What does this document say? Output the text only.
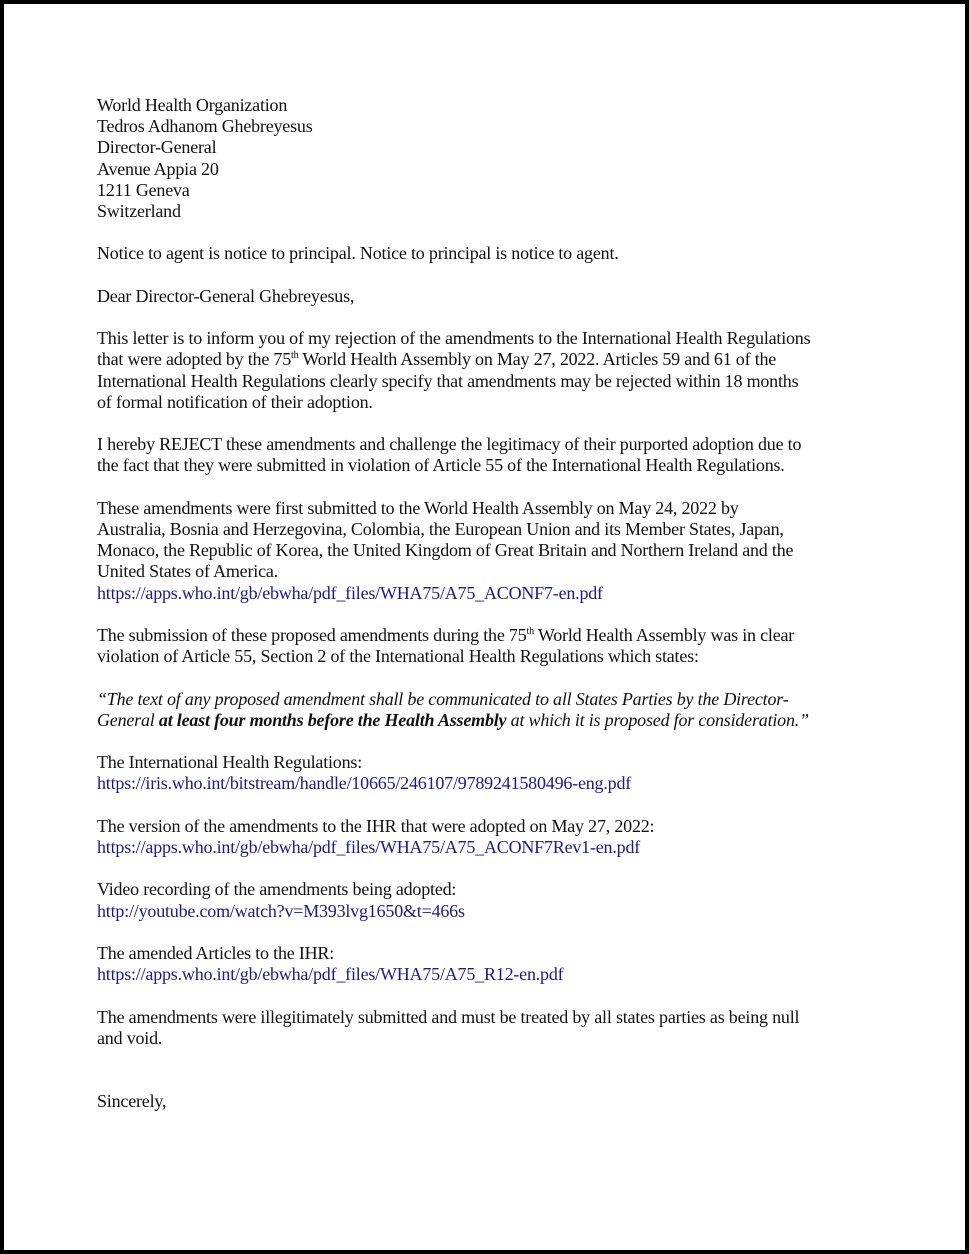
World Health Organization
Tedros Adhanom Ghebreyesus
Director-General
Avenue Appia 20
1211 Geneva
Switzerland
Notice to agent is notice to principal. Notice to principal is notice to agent.
Dear Director-General Ghebreyesus,
This letter is to inform you of my rejection of the amendments to the International Health Regulations
that were adopted by the 75th World Health Assembly on May 27, 2022. Articles 59 and 61 of the
International Health Regulations clearly specify that amendments may be rejected within 18 months
of formal notification of their adoption.
I hereby REJECT these amendments and challenge the legitimacy of their purported adoption due to
the fact that they were submitted in violation of Article 55 of the International Health Regulations.
These amendments were first submitted to the World Health Assembly on May 24, 2022 by
Australia, Bosnia and Herzegovina, Colombia, the European Union and its Member States, Japan,
Monaco, the Republic of Korea, the United Kingdom of Great Britain and Northern Ireland and the
United States of America.
https://apps.who.int/gb/ebwha/pdf_files/WHA75/A75_ACONF7-en.pdf
The submission of these proposed amendments during the 75th World Health Assembly was in clear
violation of Article 55, Section 2 of the International Health Regulations which states:
“The text of any proposed amendment shall be communicated to all States Parties by the Director-
General at least four months before the Health Assembly at which it is proposed for consideration.”
The International Health Regulations:
https://iris.who.int/bitstream/handle/10665/246107/9789241580496-eng.pdf
The version of the amendments to the IHR that were adopted on May 27, 2022:
https://apps.who.int/gb/ebwha/pdf_files/WHA75/A75_ACONF7Rev1-en.pdf
Video recording of the amendments being adopted:
http://youtube.com/watch?v=M393lvg1650&t=466s
The amended Articles to the IHR:
https://apps.who.int/gb/ebwha/pdf_files/WHA75/A75_R12-en.pdf
The amendments were illegitimately submitted and must be treated by all states parties as being null
and void.
Sincerely,
